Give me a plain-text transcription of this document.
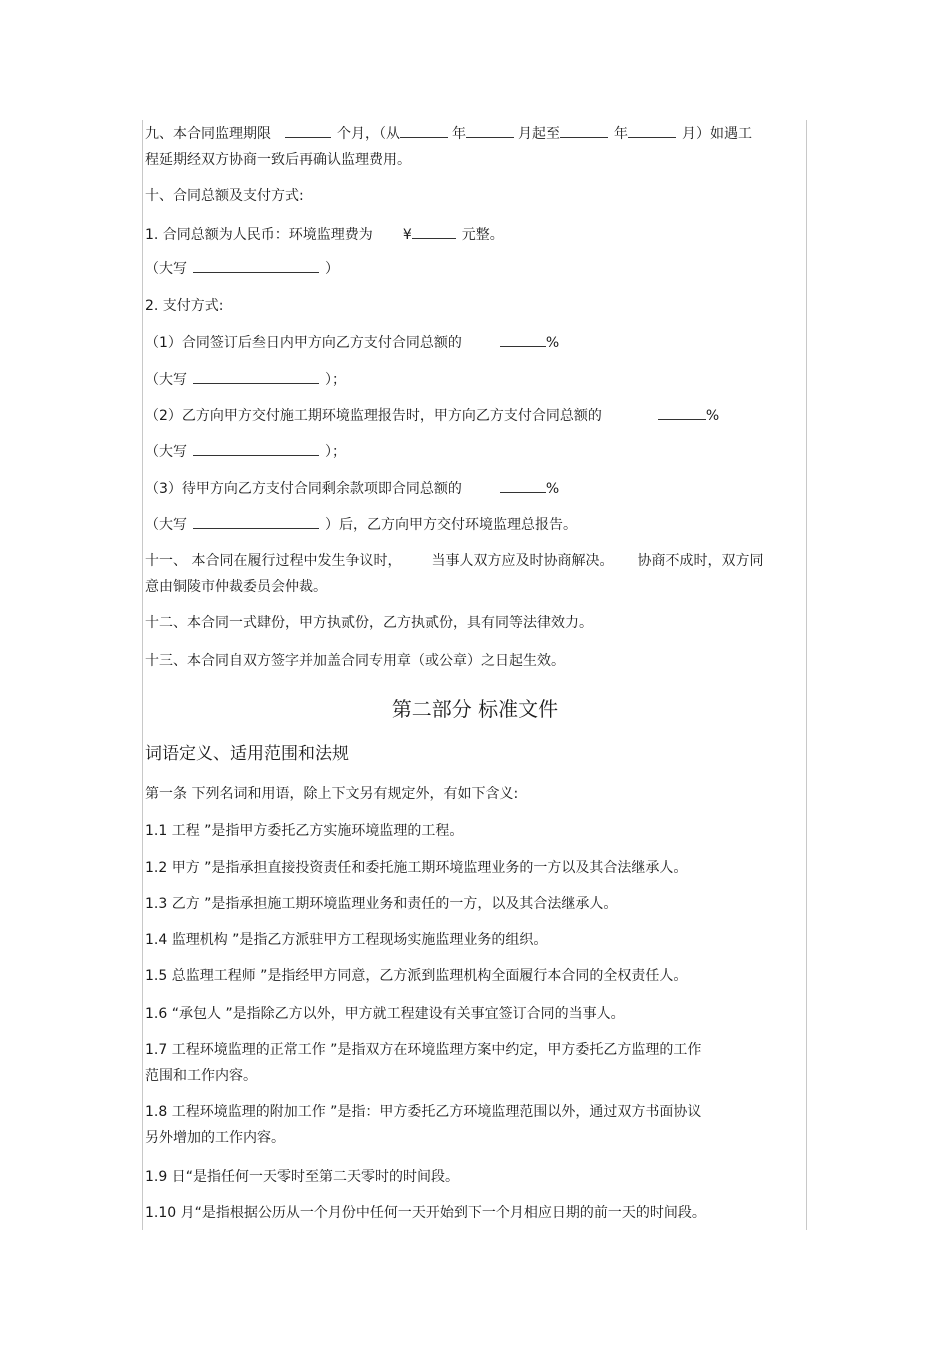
九、本合同监理期限	个月，（从	年	月起至	年	月）如遇工
程延期经双方协商一致后再确认监理费用。
十、合同总额及支付方式:
1. 合同总额为人民币：环境监理费为 ¥	元整。
（大写	）
2. 支付方式:
（1）合同签订后叁日内甲方向乙方支付合同总额的	%
（大写	）；
（2）乙方向甲方交付施工期环境监理报告时，甲方向乙方支付合同总额的	%
（大写	）；
（3）待甲方向乙方支付合同剩余款项即合同总额的	%
（大写	）后，乙方向甲方交付环境监理总报告。
十一、 本合同在履行过程中发生争议时， 当事人双方应及时协商解决。 协商不成时，双方同
意由铜陵市仲裁委员会仲裁。
十二、本合同一式肆份，甲方执贰份，乙方执贰份，具有同等法律效力。
十三、本合同自双方签字并加盖合同专用章（或公章）之日起生效。
第二部分 标准文件
词语定义、适用范围和法规
第一条 下列名词和用语，除上下文另有规定外，有如下含义:
1.1 工程 ”是指甲方委托乙方实施环境监理的工程。
1.2 甲方 ”是指承担直接投资责任和委托施工期环境监理业务的一方以及其合法继承人。
1.3 乙方 ”是指承担施工期环境监理业务和责任的一方，以及其合法继承人。
1.4 监理机构 ”是指乙方派驻甲方工程现场实施监理业务的组织。
1.5 总监理工程师 ”是指经甲方同意，乙方派到监理机构全面履行本合同的全权责任人。
1.6 “承包人 ”是指除乙方以外，甲方就工程建设有关事宜签订合同的当事人。
1.7 工程环境监理的正常工作 ”是指双方在环境监理方案中约定，甲方委托乙方监理的工作
范围和工作内容。
1.8 工程环境监理的附加工作 ”是指：甲方委托乙方环境监理范围以外，通过双方书面协议
另外增加的工作内容。
1.9 日“是指任何一天零时至第二天零时的时间段。
1.10 月“是指根据公历从一个月份中任何一天开始到下一个月相应日期的前一天的时间段。
